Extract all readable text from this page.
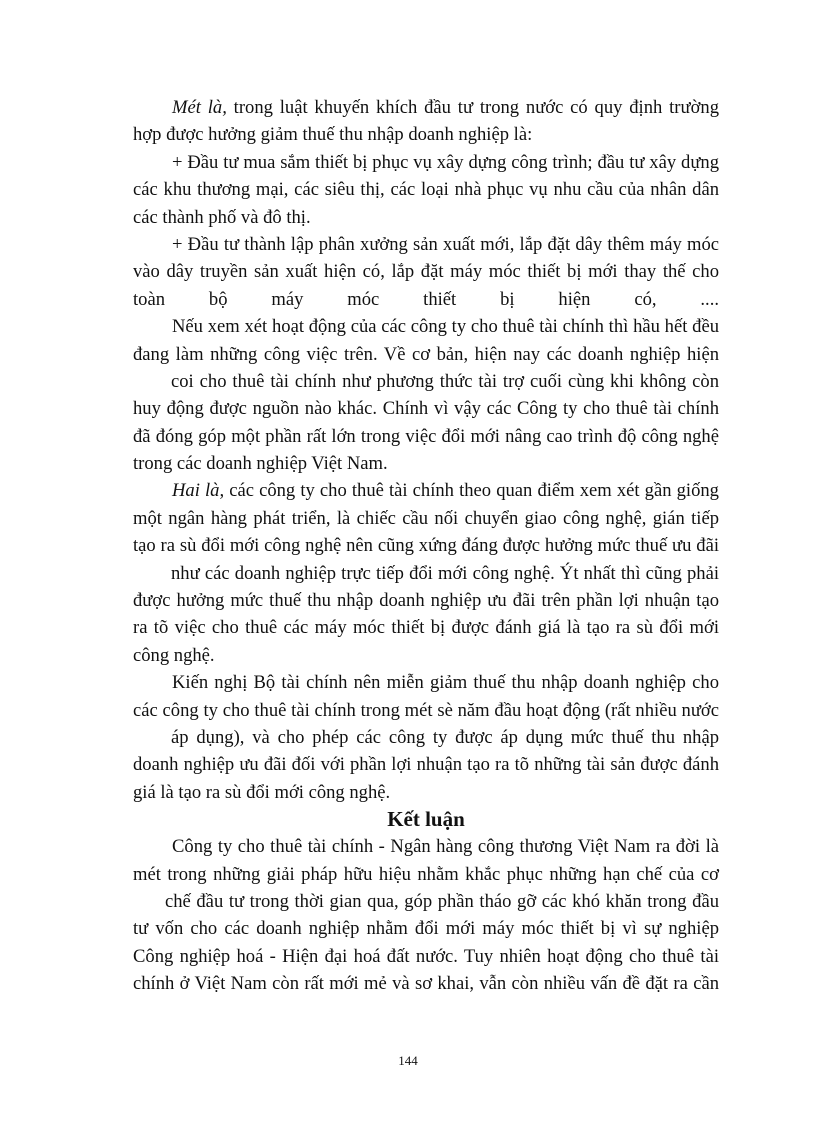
Mét là, trong luật khuyến khích đầu tư trong nước có quy định trường
hợp được hưởng giảm thuế thu nhập doanh nghiệp là:
+ Đầu tư mua sắm thiết bị phục vụ xây dựng công trình; đầu tư xây dựng
các khu thương mại, các siêu thị, các loại nhà phục vụ nhu cầu của nhân dân
các thành phố và đô thị.
+ Đầu tư thành lập phân xưởng sản xuất mới, lắp đặt dây thêm máy móc
vào dây truyền sản xuất hiện có, lắp đặt máy móc thiết bị mới thay thế cho
toàn bộ máy móc thiết bị hiện có, ....
Nếu xem xét hoạt động của các công ty cho thuê tài chính thì hầu hết đều
đang làm những công việc trên. Về cơ bản, hiện nay các doanh nghiệp hiện
coi cho thuê tài chính như phương thức tài trợ cuối cùng khi không còn
huy động được nguồn nào khác. Chính vì vậy các Công ty cho thuê tài chính
đã đóng góp một phần rất lớn trong việc đổi mới nâng cao trình độ công nghệ
trong các doanh nghiệp Việt Nam.
Hai là, các công ty cho thuê tài chính theo quan điểm xem xét gần giống
một ngân hàng phát triển, là chiếc cầu nối chuyển giao công nghệ, gián tiếp
tạo ra sù đổi mới công nghệ nên cũng xứng đáng được hưởng mức thuế ưu đãi
như các doanh nghiệp trực tiếp đổi mới công nghệ. Ýt nhất thì cũng phải
được hưởng mức thuế thu nhập doanh nghiệp ưu đãi trên phần lợi nhuận tạo
ra tõ việc cho thuê các máy móc thiết bị được đánh giá là tạo ra sù đổi mới
công nghệ.
Kiến nghị Bộ tài chính nên miễn giảm thuế thu nhập doanh nghiệp cho
các công ty cho thuê tài chính trong mét sè năm đầu hoạt động (rất nhiều nước
áp dụng), và cho phép các công ty được áp dụng mức thuế thu nhập
doanh nghiệp ưu đãi đối với phần lợi nhuận tạo ra tõ những tài sản được đánh
giá là tạo ra sù đổi mới công nghệ.
Kết luận
Công ty cho thuê tài chính - Ngân hàng công thương Việt Nam ra đời là
mét trong những giải pháp hữu hiệu nhằm khắc phục những hạn chế của cơ
chế đầu tư trong thời gian qua, góp phần tháo gỡ các khó khăn trong đầu
tư vốn cho các doanh nghiệp nhằm đổi mới máy móc thiết bị vì sự nghiệp
Công nghiệp hoá - Hiện đại hoá đất nước. Tuy nhiên hoạt động cho thuê tài
chính ở Việt Nam còn rất mới mẻ và sơ khai, vẫn còn nhiều vấn đề đặt ra cần
144
